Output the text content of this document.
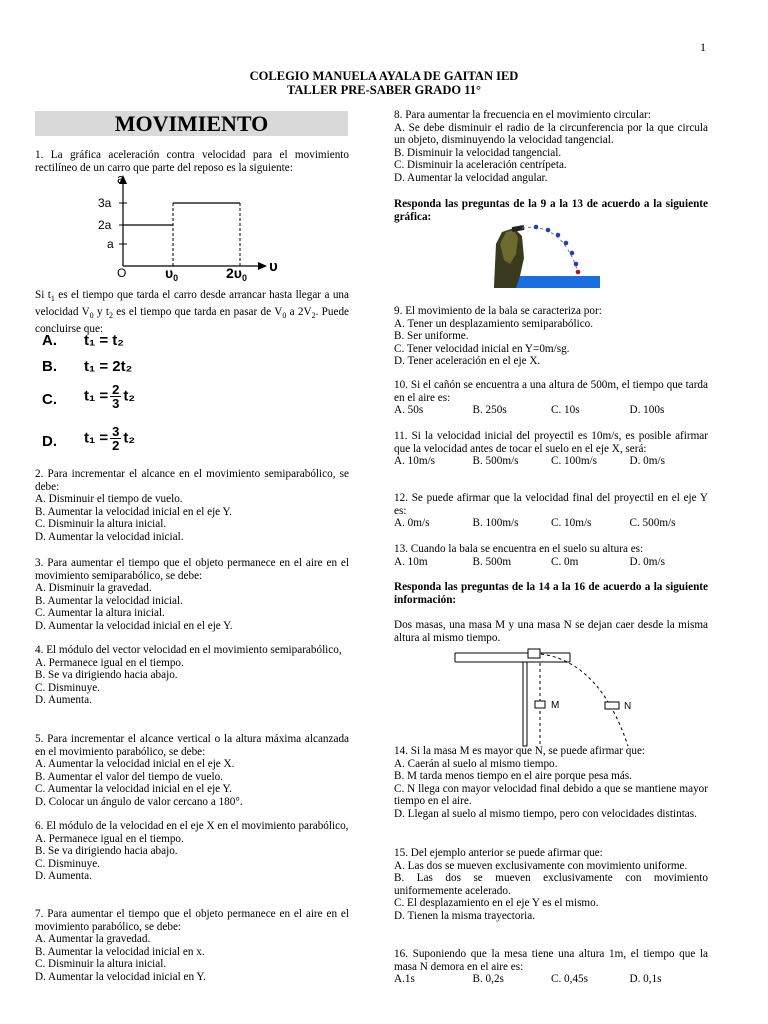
1
COLEGIO MANUELA AYALA DE GAITAN IED
TALLER PRE-SABER GRADO 11°
MOVIMIENTO
1. La gráfica aceleración contra velocidad para el movimiento rectilíneo de un carro que parte del reposo es la siguiente:
a
3a
2a
a
O	$\upsilon_0$	$2\upsilon_0$
υ
Si $t_1$ es el tiempo que tarda el carro desde arrancar hasta llegar a una velocidad $V_0$ y $t_2$ es el tiempo que tarda en pasar de $V_0$ a $2V_2$. Puede concluirse que:
A. t₁ = t₂
B. t₁ = 2t₂
C. $t_1 = \frac{2}{3} t_2$
D. $t_1 = \frac{3}{2} t_2$
2. Para incrementar el alcance en el movimiento semiparabólico, se debe:
A. Disminuir el tiempo de vuelo.
B. Aumentar la velocidad inicial en el eje Y.
C. Disminuir la altura inicial.
D. Aumentar la velocidad inicial.
3. Para aumentar el tiempo que el objeto permanece en el aire en el movimiento semiparabólico, se debe:
A. Disminuir la gravedad.
B. Aumentar la velocidad inicial.
C. Aumentar la altura inicial.
D. Aumentar la velocidad inicial en el eje Y.
4. El módulo del vector velocidad en el movimiento semiparabólico,
A. Permanece igual en el tiempo.
B. Se va dirigiendo hacia abajo.
C. Disminuye.
D. Aumenta.
5. Para incrementar el alcance vertical o la altura máxima alcanzada en el movimiento parabólico, se debe:
A. Aumentar la velocidad inicial en el eje X.
B. Aumentar el valor del tiempo de vuelo.
C. Aumentar la velocidad inicial en el eje Y.
D. Colocar un ángulo de valor cercano a 180°.
6. El módulo de la velocidad en el eje X en el movimiento parabólico,
A. Permanece igual en el tiempo.
B. Se va dirigiendo hacia abajo.
C. Disminuye.
D. Aumenta.
7. Para aumentar el tiempo que el objeto permanece en el aire en el movimiento parabólico, se debe:
A. Aumentar la gravedad.
B. Aumentar la velocidad inicial en x.
C. Disminuir la altura inicial.
D. Aumentar la velocidad inicial en Y.
8. Para aumentar la frecuencia en el movimiento circular:
A. Se debe disminuir el radio de la circunferencia por la que circula un objeto, disminuyendo la velocidad tangencial.
B. Disminuir la velocidad tangencial.
C. Disminuir la aceleración centrípeta.
D. Aumentar la velocidad angular.
Responda las preguntas de la 9 a la 13 de acuerdo a la siguiente gráfica:
9. El movimiento de la bala se caracteriza por:
A. Tener un desplazamiento semiparabólico.
B. Ser uniforme.
C. Tener velocidad inicial en Y=0m/sg.
D. Tener aceleración en el eje X.
10. Si el cañón se encuentra a una altura de 500m, el tiempo que tarda en el aire es:
A. 50s	B. 250s	C. 10s	D. 100s
11. Si la velocidad inicial del proyectil es 10m/s, es posible afirmar que la velocidad antes de tocar el suelo en el eje X, será:
A. 10m/s	B. 500m/s	C. 100m/s	D. 0m/s
12. Se puede afirmar que la velocidad final del proyectil en el eje Y es:
A. 0m/s	B. 100m/s	C. 10m/s	C. 500m/s
13. Cuando la bala se encuentra en el suelo su altura es:
A. 10m	B. 500m	C. 0m	D. 0m/s
Responda las preguntas de la 14 a la 16 de acuerdo a la siguiente información:
Dos masas, una masa M y una masa N se dejan caer desde la misma altura al mismo tiempo.
M	N
14. Si la masa M es mayor que N, se puede afirmar que:
A. Caerán al suelo al mismo tiempo.
B. M tarda menos tiempo en el aire porque pesa más.
C. N llega con mayor velocidad final debido a que se mantiene mayor tiempo en el aire.
D. Llegan al suelo al mismo tiempo, pero con velocidades distintas.
15. Del ejemplo anterior se puede afirmar que:
A. Las dos se mueven exclusivamente con movimiento uniforme.
B. Las dos se mueven exclusivamente con movimiento uniformemente acelerado.
C. El desplazamiento en el eje Y es el mismo.
D. Tienen la misma trayectoria.
16. Suponiendo que la mesa tiene una altura 1m, el tiempo que la masa N demora en el aire es:
A.1s	B. 0,2s	C. 0,45s	D. 0,1s
